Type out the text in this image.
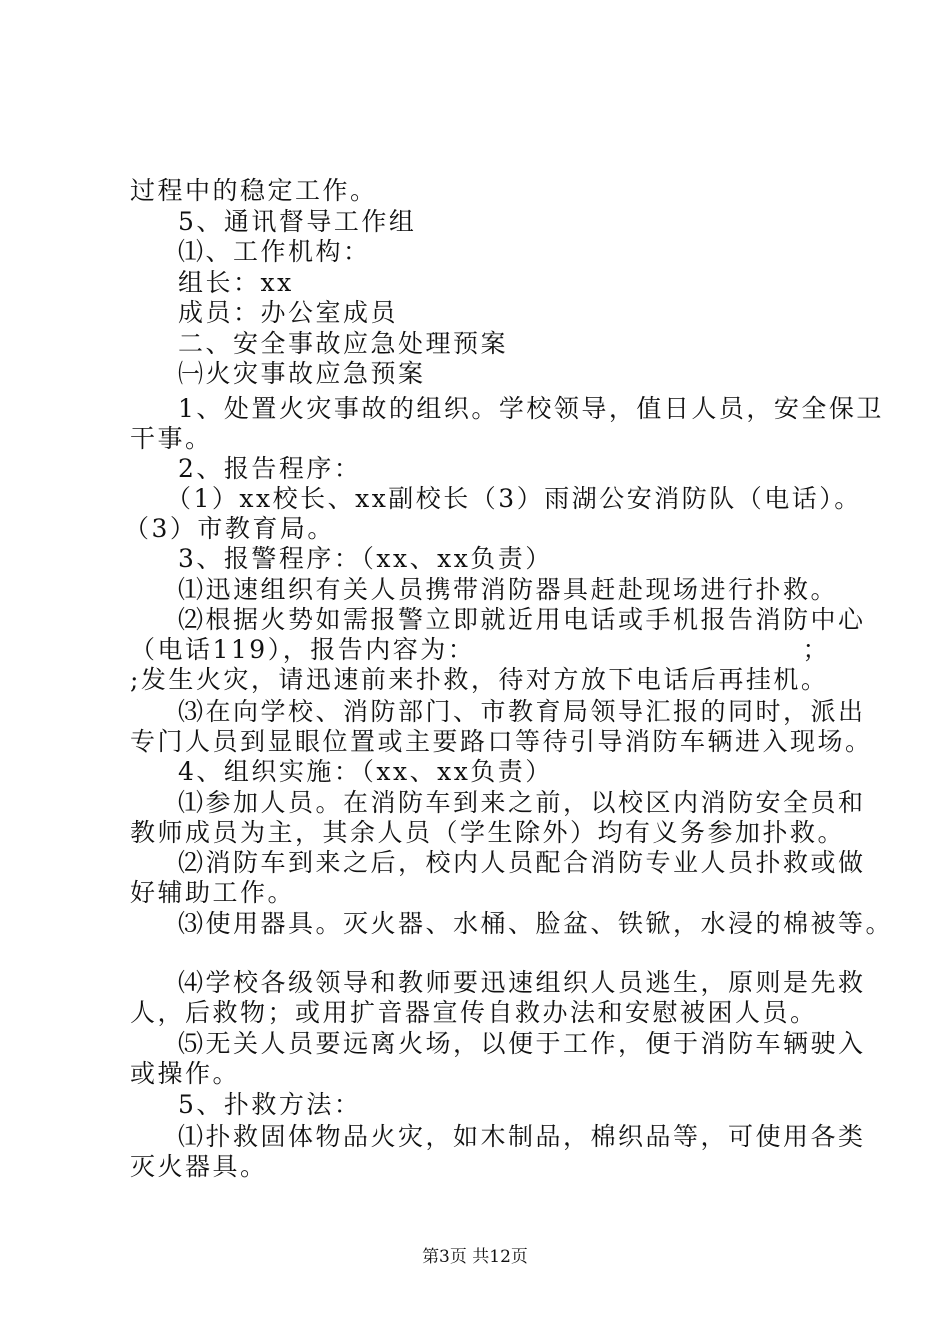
过程中的稳定工作。
5、通讯督导工作组
⑴、工作机构：
组长：xx
成员：办公室成员
二、安全事故应急处理预案
㈠火灾事故应急预案
1、处置火灾事故的组织。学校领导，值日人员，安全保卫
干事。
2、报告程序：
（1）xx校长、xx副校长（3）雨湖公安消防队（电话）。
（3）市教育局。
3、报警程序：（xx、xx负责）
⑴迅速组织有关人员携带消防器具赶赴现场进行扑救。
⑵根据火势如需报警立即就近用电话或手机报告消防中心
（电话119），报告内容为：	；
;发生火灾，请迅速前来扑救，待对方放下电话后再挂机。
⑶在向学校、消防部门、市教育局领导汇报的同时，派出
专门人员到显眼位置或主要路口等待引导消防车辆进入现场。
4、组织实施：（xx、xx负责）
⑴参加人员。在消防车到来之前，以校区内消防安全员和
教师成员为主，其余人员（学生除外）均有义务参加扑救。
⑵消防车到来之后，校内人员配合消防专业人员扑救或做
好辅助工作。
⑶使用器具。灭火器、水桶、脸盆、铁锨，水浸的棉被等。
⑷学校各级领导和教师要迅速组织人员逃生，原则是先救
人，后救物；或用扩音器宣传自救办法和安慰被困人员。
⑸无关人员要远离火场，以便于工作，便于消防车辆驶入
或操作。
5、扑救方法：
⑴扑救固体物品火灾，如木制品，棉织品等，可使用各类
灭火器具。
第3页 共12页
